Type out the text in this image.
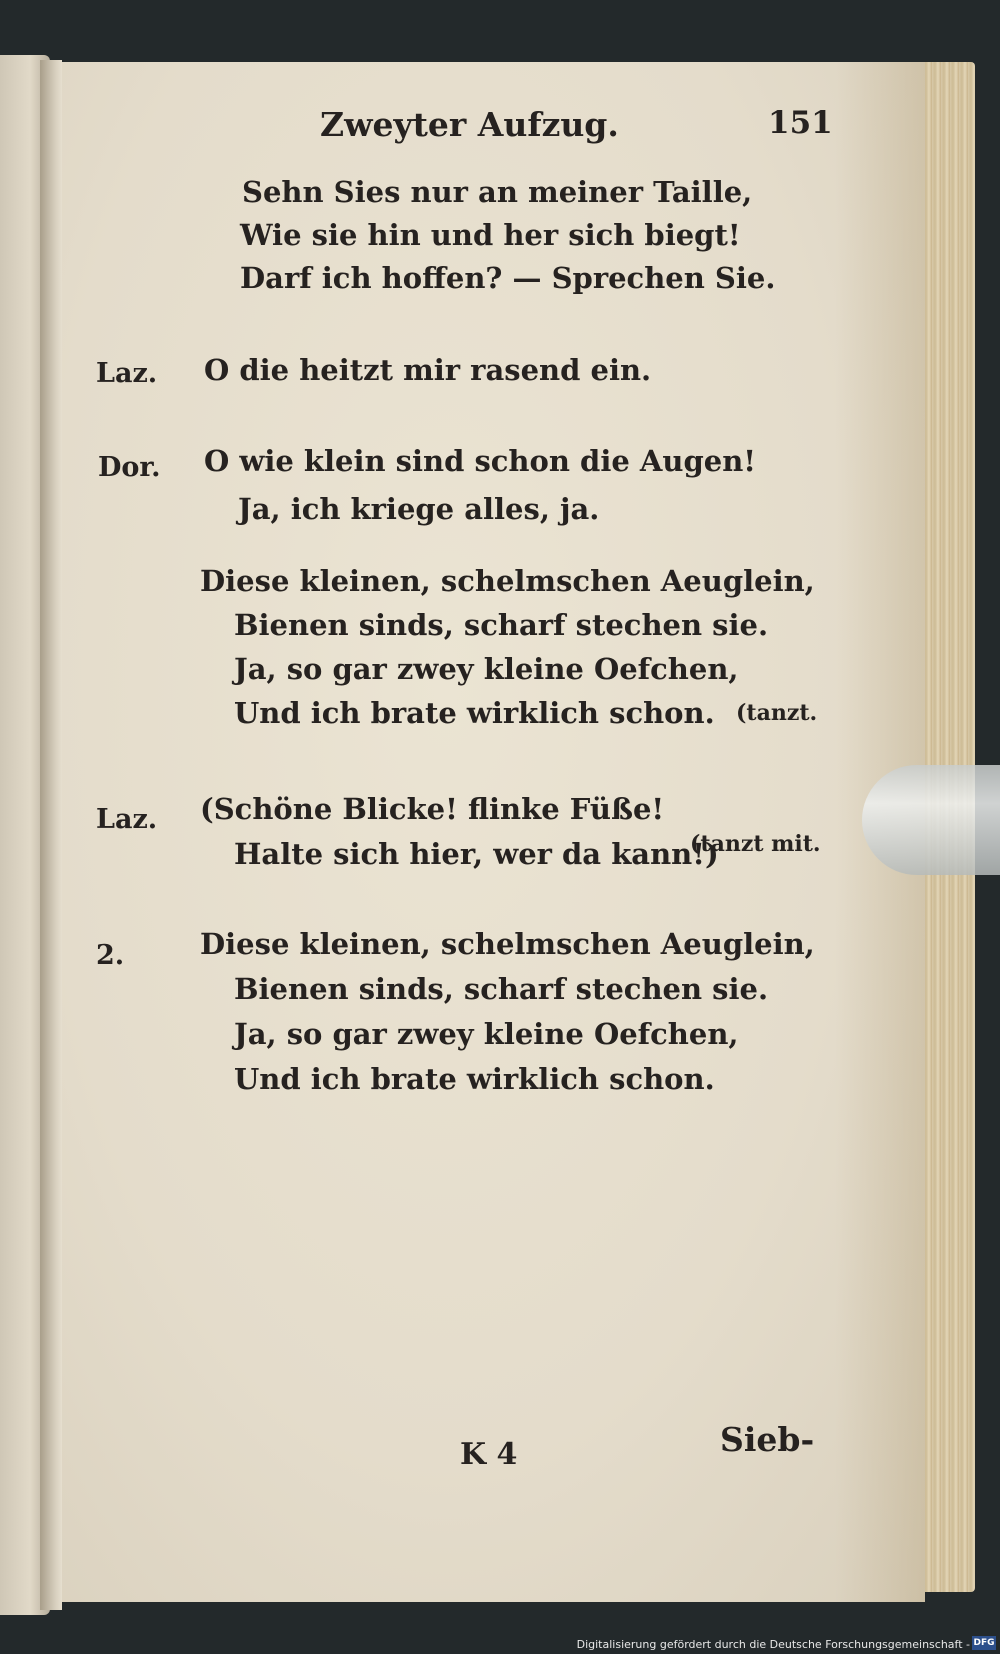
Zweyter Aufzug.	151
Sehn Sies nur an meiner Taille,
Wie sie hin und her sich biegt!
Darf ich hoffen? — Sprechen Sie.
Laz. O die heitzt mir rasend ein.
Dor. O wie klein sind schon die Augen!
Ja, ich kriege alles, ja.
Diese kleinen, schelmschen Aeuglein,
Bienen sinds, scharf stechen sie.
Ja, so gar zwey kleine Oefchen,
Und ich brate wirklich schon. (tanzt.
Laz. (Schöne Blicke! flinke Füße!
Halte sich hier, wer da kann!)
(tanzt mit.
2.	Diese kleinen, schelmschen Aeuglein,
Bienen sinds, scharf stechen sie.
Ja, so gar zwey kleine Oefchen,
Und ich brate wirklich schon.
K 4	Sieb-
Digitalisierung gefördert durch die Deutsche Forschungsgemeinschaft - DFG
